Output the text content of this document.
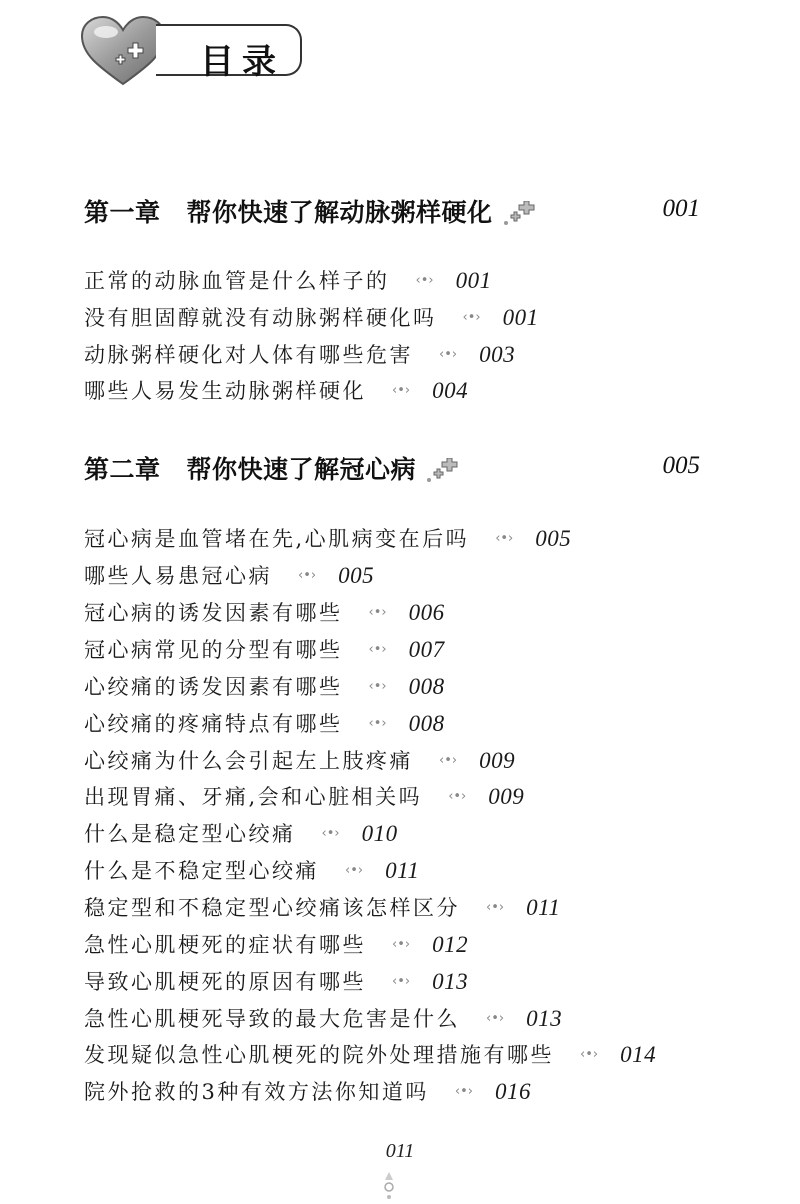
目录
第一章 帮你快速了解动脉粥样硬化	001
正常的动脉血管是什么样子的 ‹•› 001
没有胆固醇就没有动脉粥样硬化吗 ‹•› 001
动脉粥样硬化对人体有哪些危害 ‹•› 003
哪些人易发生动脉粥样硬化 ‹•› 004
第二章 帮你快速了解冠心病	005
冠心病是血管堵在先,心肌病变在后吗 ‹•› 005
哪些人易患冠心病 ‹•› 005
冠心病的诱发因素有哪些 ‹•› 006
冠心病常见的分型有哪些 ‹•› 007
心绞痛的诱发因素有哪些 ‹•› 008
心绞痛的疼痛特点有哪些 ‹•› 008
心绞痛为什么会引起左上肢疼痛 ‹•› 009
出现胃痛、牙痛,会和心脏相关吗 ‹•› 009
什么是稳定型心绞痛 ‹•› 010
什么是不稳定型心绞痛 ‹•› 011
稳定型和不稳定型心绞痛该怎样区分 ‹•› 011
急性心肌梗死的症状有哪些 ‹•› 012
导致心肌梗死的原因有哪些 ‹•› 013
急性心肌梗死导致的最大危害是什么 ‹•› 013
发现疑似急性心肌梗死的院外处理措施有哪些 ‹•› 014
院外抢救的3种有效方法你知道吗 ‹•› 016
011
